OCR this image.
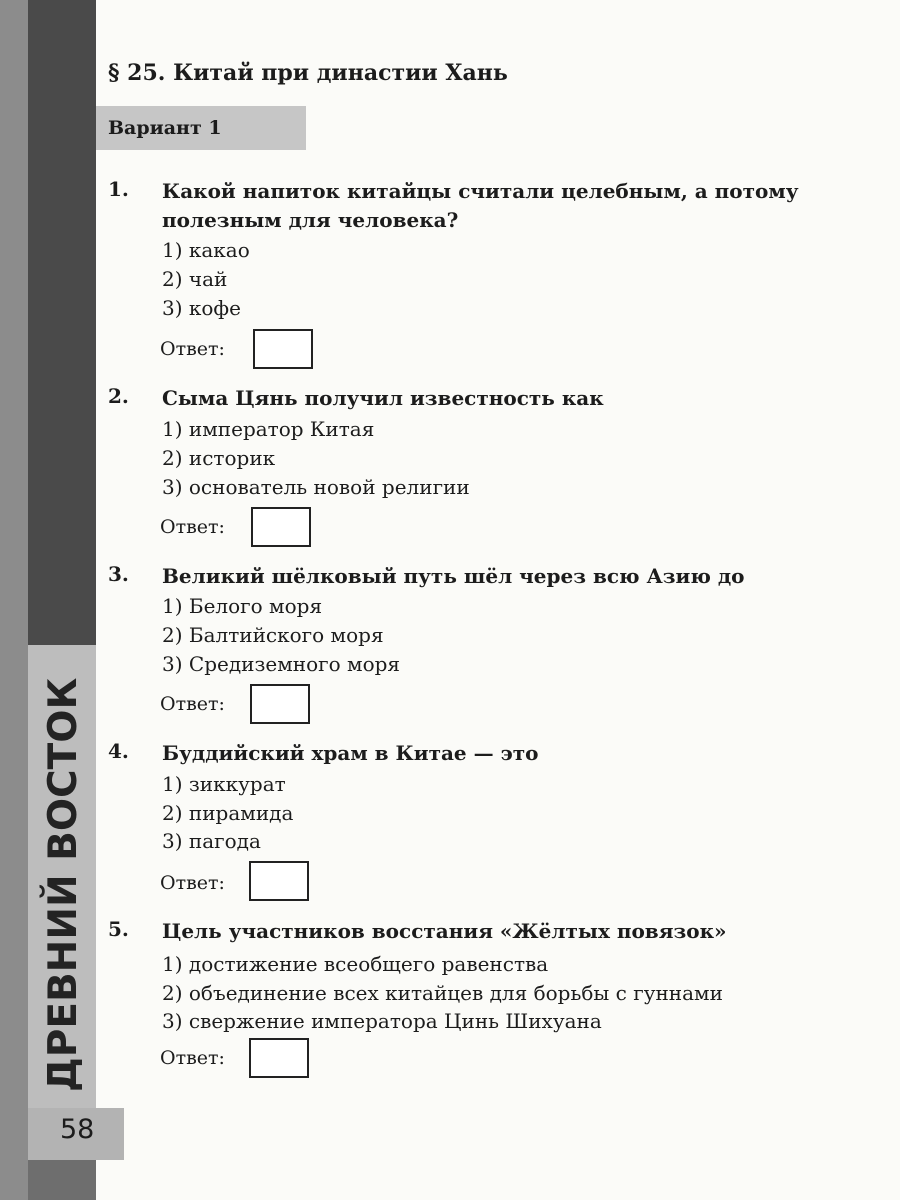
ДРЕВНИЙ ВОСТОК
58
§ 25. Китай при династии Хань
Вариант 1
1.	Какой напиток китайцы считали целебным, а потому полезным для человека?
1) какао
2) чай
3) кофе
Ответ:
2.	Сыма Цянь получил известность как
1) император Китая
2) историк
3) основатель новой религии
Ответ:
3.	Великий шёлковый путь шёл через всю Азию до
1) Белого моря
2) Балтийского моря
3) Средиземного моря
Ответ:
4.	Буддийский храм в Китае — это
1) зиккурат
2) пирамида
3) пагода
Ответ:
5.	Цель участников восстания «Жёлтых повязок»
1) достижение всеобщего равенства
2) объединение всех китайцев для борьбы с гуннами
3) свержение императора Цинь Шихуана
Ответ:
